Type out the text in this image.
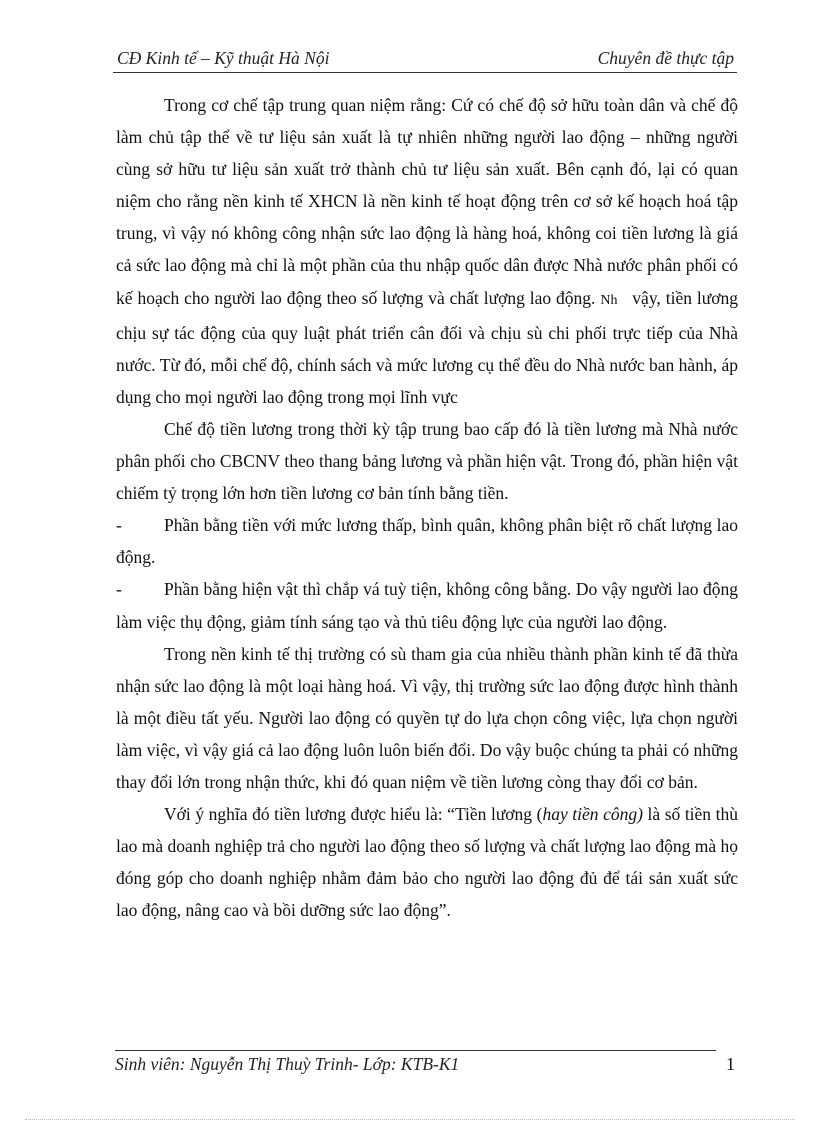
CĐ Kinh tế – Kỹ thuật Hà Nội	Chuyên đề thực tập

Trong cơ chế tập trung quan niệm rằng: Cứ có chế độ sở hữu toàn dân và chế độ làm chủ tập thể về tư liệu sản xuất là tự nhiên những người lao động – những người cùng sở hữu tư liệu sản xuất trở thành chủ tư liệu sản xuất. Bên cạnh đó, lại có quan niệm cho rằng nền kinh tế XHCN là nền kinh tế hoạt động trên cơ sở kế hoạch hoá tập trung, vì vậy nó không công nhận sức lao động là hàng hoá, không coi tiền lương là giá cả sức lao động mà chỉ là một phần của thu nhập quốc dân được Nhà nước phân phối có kế hoạch cho người lao động theo số lượng và chất lượng lao động. Nh vậy, tiền lương chịu sự tác động của quy luật phát triển cân đối và chịu sù chi phối trực tiếp của Nhà nước. Từ đó, mỗi chế độ, chính sách và mức lương cụ thể đều do Nhà nước ban hành, áp dụng cho mọi người lao động trong mọi lĩnh vực

Chế độ tiền lương trong thời kỳ tập trung bao cấp đó là tiền lương mà Nhà nước phân phối cho CBCNV theo thang bảng lương và phần hiện vật. Trong đó, phần hiện vật chiếm tỷ trọng lớn hơn tiền lương cơ bản tính bằng tiền.

- Phần bằng tiền với mức lương thấp, bình quân, không phân biệt rõ chất lượng lao động.

- Phần bằng hiện vật thì chắp vá tuỳ tiện, không công bằng. Do vậy người lao động làm việc thụ động, giảm tính sáng tạo và thủ tiêu động lực của người lao động.

Trong nền kinh tế thị trường có sù tham gia của nhiều thành phần kinh tế đã thừa nhận sức lao động là một loại hàng hoá. Vì vậy, thị trường sức lao động được hình thành là một điều tất yếu. Người lao động có quyền tự do lựa chọn công việc, lựa chọn người làm việc, vì vậy giá cả lao động luôn luôn biến đổi. Do vậy buộc chúng ta phải có những thay đổi lớn trong nhận thức, khi đó quan niệm về tiền lương còng thay đổi cơ bản.

Với ý nghĩa đó tiền lương được hiểu là: “Tiền lương (hay tiền công) là số tiền thù lao mà doanh nghiệp trả cho người lao động theo số lượng và chất lượng lao động mà họ đóng góp cho doanh nghiệp nhằm đảm bảo cho người lao động đủ để tái sản xuất sức lao động, nâng cao và bồi dưỡng sức lao động”.

Sinh viên: Nguyễn Thị Thuỳ Trinh- Lớp: KTB-K1	1
